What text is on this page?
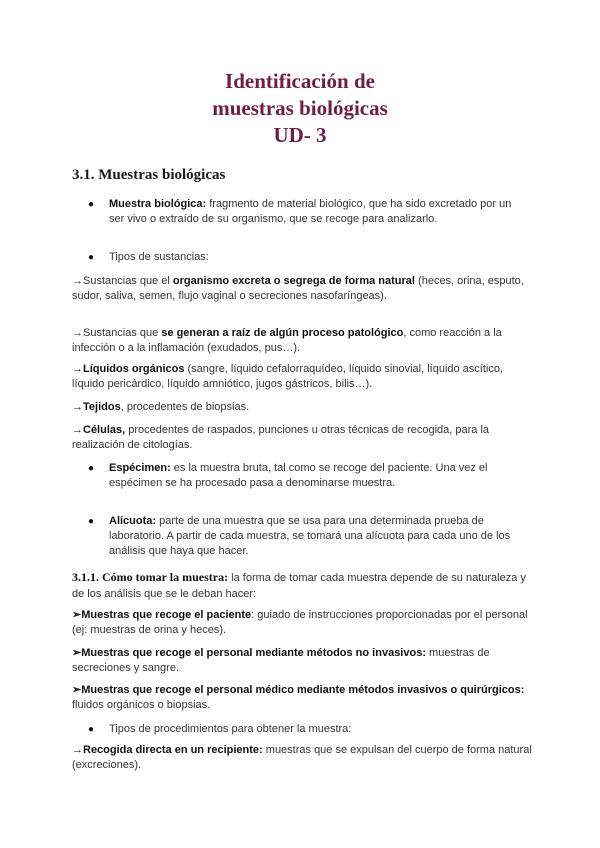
Identificación de
muestras biológicas
UD- 3
3.1. Muestras biológicas
● Muestra biológica: fragmento de material biológico, que ha sido excretado por un ser vivo o extraído de su organismo, que se recoge para analizarlo.
● Tipos de sustancias:
→Sustancias que el organismo excreta o segrega de forma natural (heces, orina, esputo, sudor, saliva, semen, flujo vaginal o secreciones nasofaríngeas).
→Sustancias que se generan a raíz de algún proceso patológico, como reacción a la infección o a la inflamación (exudados, pus…).
→Líquidos orgánicos (sangre, líquido cefalorraquídeo, líquido sinovial, líquido ascítico, líquido pericárdico, líquido amniótico, jugos gástricos, bilis…).
→Tejidos, procedentes de biopsias.
→Células, procedentes de raspados, punciones u otras técnicas de recogida, para la realización de citologías.
● Espécimen: es la muestra bruta, tal como se recoge del paciente. Una vez el espécimen se ha procesado pasa a denominarse muestra.
● Alícuota: parte de una muestra que se usa para una determinada prueba de laboratorio. A partir de cada muestra, se tomará una alícuota para cada uno de los análisis que haya que hacer.
3.1.1. Cómo tomar la muestra: la forma de tomar cada muestra depende de su naturaleza y de los análisis que se le deban hacer:
➢Muestras que recoge el paciente: guiado de instrucciones proporcionadas por el personal (ej: muestras de orina y heces).
➢Muestras que recoge el personal mediante métodos no invasivos: muestras de secreciones y sangre.
➢Muestras que recoge el personal médico mediante métodos invasivos o quirúrgicos: fluidos orgánicos o biopsias.
● Tipos de procedimientos para obtener la muestra:
→Recogida directa en un recipiente: muestras que se expulsan del cuerpo de forma natural (excreciones).
